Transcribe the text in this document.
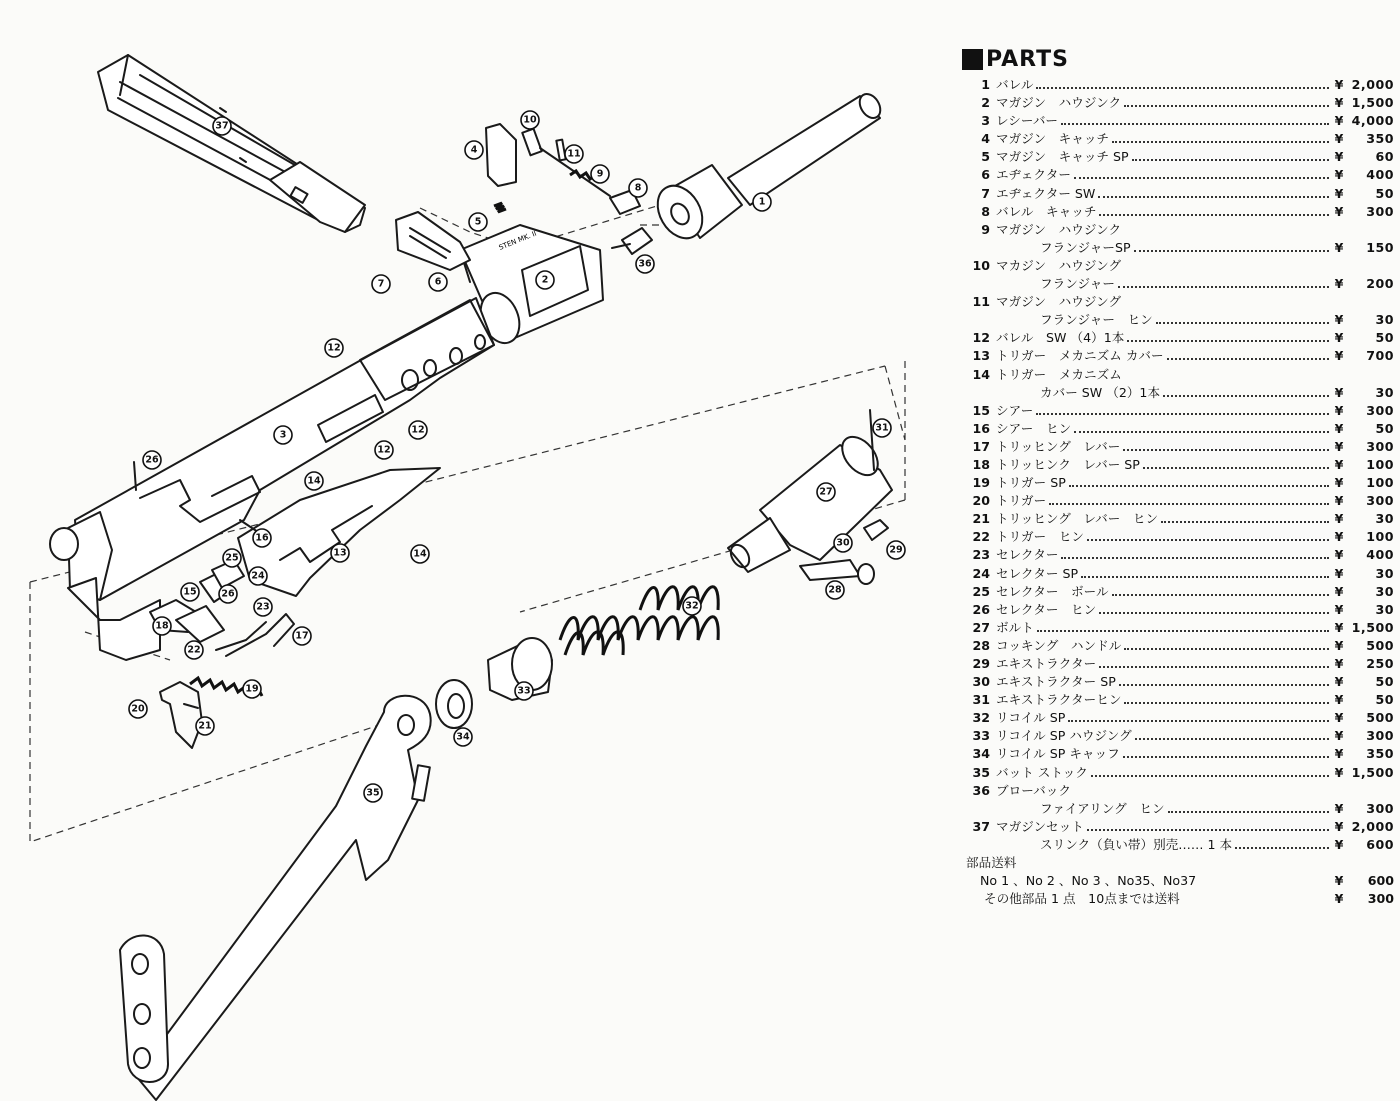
STEN MK. II
1
2
3
4
5
6
7
8
9
10
11
12
12
12
13
14
14
15
16
17
18
19
20
21
22
23
24
25
26
26
27
28
29
30
31
32
33
34
35
36
37
PARTS
1 バレル	¥ 2,000
2 マガジン　ハウジンク	¥ 1,500
3 レシーバー	¥ 4,000
4 マガジン　キャッチ	¥	350
5 マガジン　キャッチ SP	¥	60
6 エヂェクター	¥	400
7 エヂェクター SW	¥	50
8 バレル　キャッチ	¥	300
9 マガジン　ハウジンク
フランジャーSP	¥	150
10 マカジン　ハウジング
フランジャー	¥	200
11 マガジン　ハウジング
フランジャー　ヒン	¥	30
12 バレル　SW （4）1本	¥	50
13 トリガー　メカニズム カバー	¥	700
14 トリガー　メカニズム
カバー SW （2）1本	¥	30
15 シアー	¥	300
16 シアー　ヒン	¥	50
17 トリッヒング　レバー	¥	300
18 トリッヒンク　レバー SP	¥	100
19 トリガー SP	¥	100
20 トリガー	¥	300
21 トリッヒング　レバー　ヒン	¥	30
22 トリガー　ヒン	¥	100
23 セレクター	¥	400
24 セレクター SP	¥	30
25 セレクター　ボール	¥	30
26 セレクター　ヒン	¥	30
27 ボルト	¥ 1,500
28 コッキング　ハンドル	¥	500
29 エキストラクター	¥	250
30 エキストラクター SP	¥	50
31 エキストラクターヒン	¥	50
32 リコイル SP	¥	500
33 リコイル SP ハウジング	¥	300
34 リコイル SP キャッフ	¥	350
35 バット ストック	¥ 1,500
36 ブローバック
ファイアリング　ヒン	¥	300
37 マガジンセット	¥ 2,000
スリンク（負い帯）別売…… 1 本	¥	600
部品送料
No 1 、No 2 、No 3 、No35、No37	¥	600
その他部品 1 点　10点までは送料	¥	300
